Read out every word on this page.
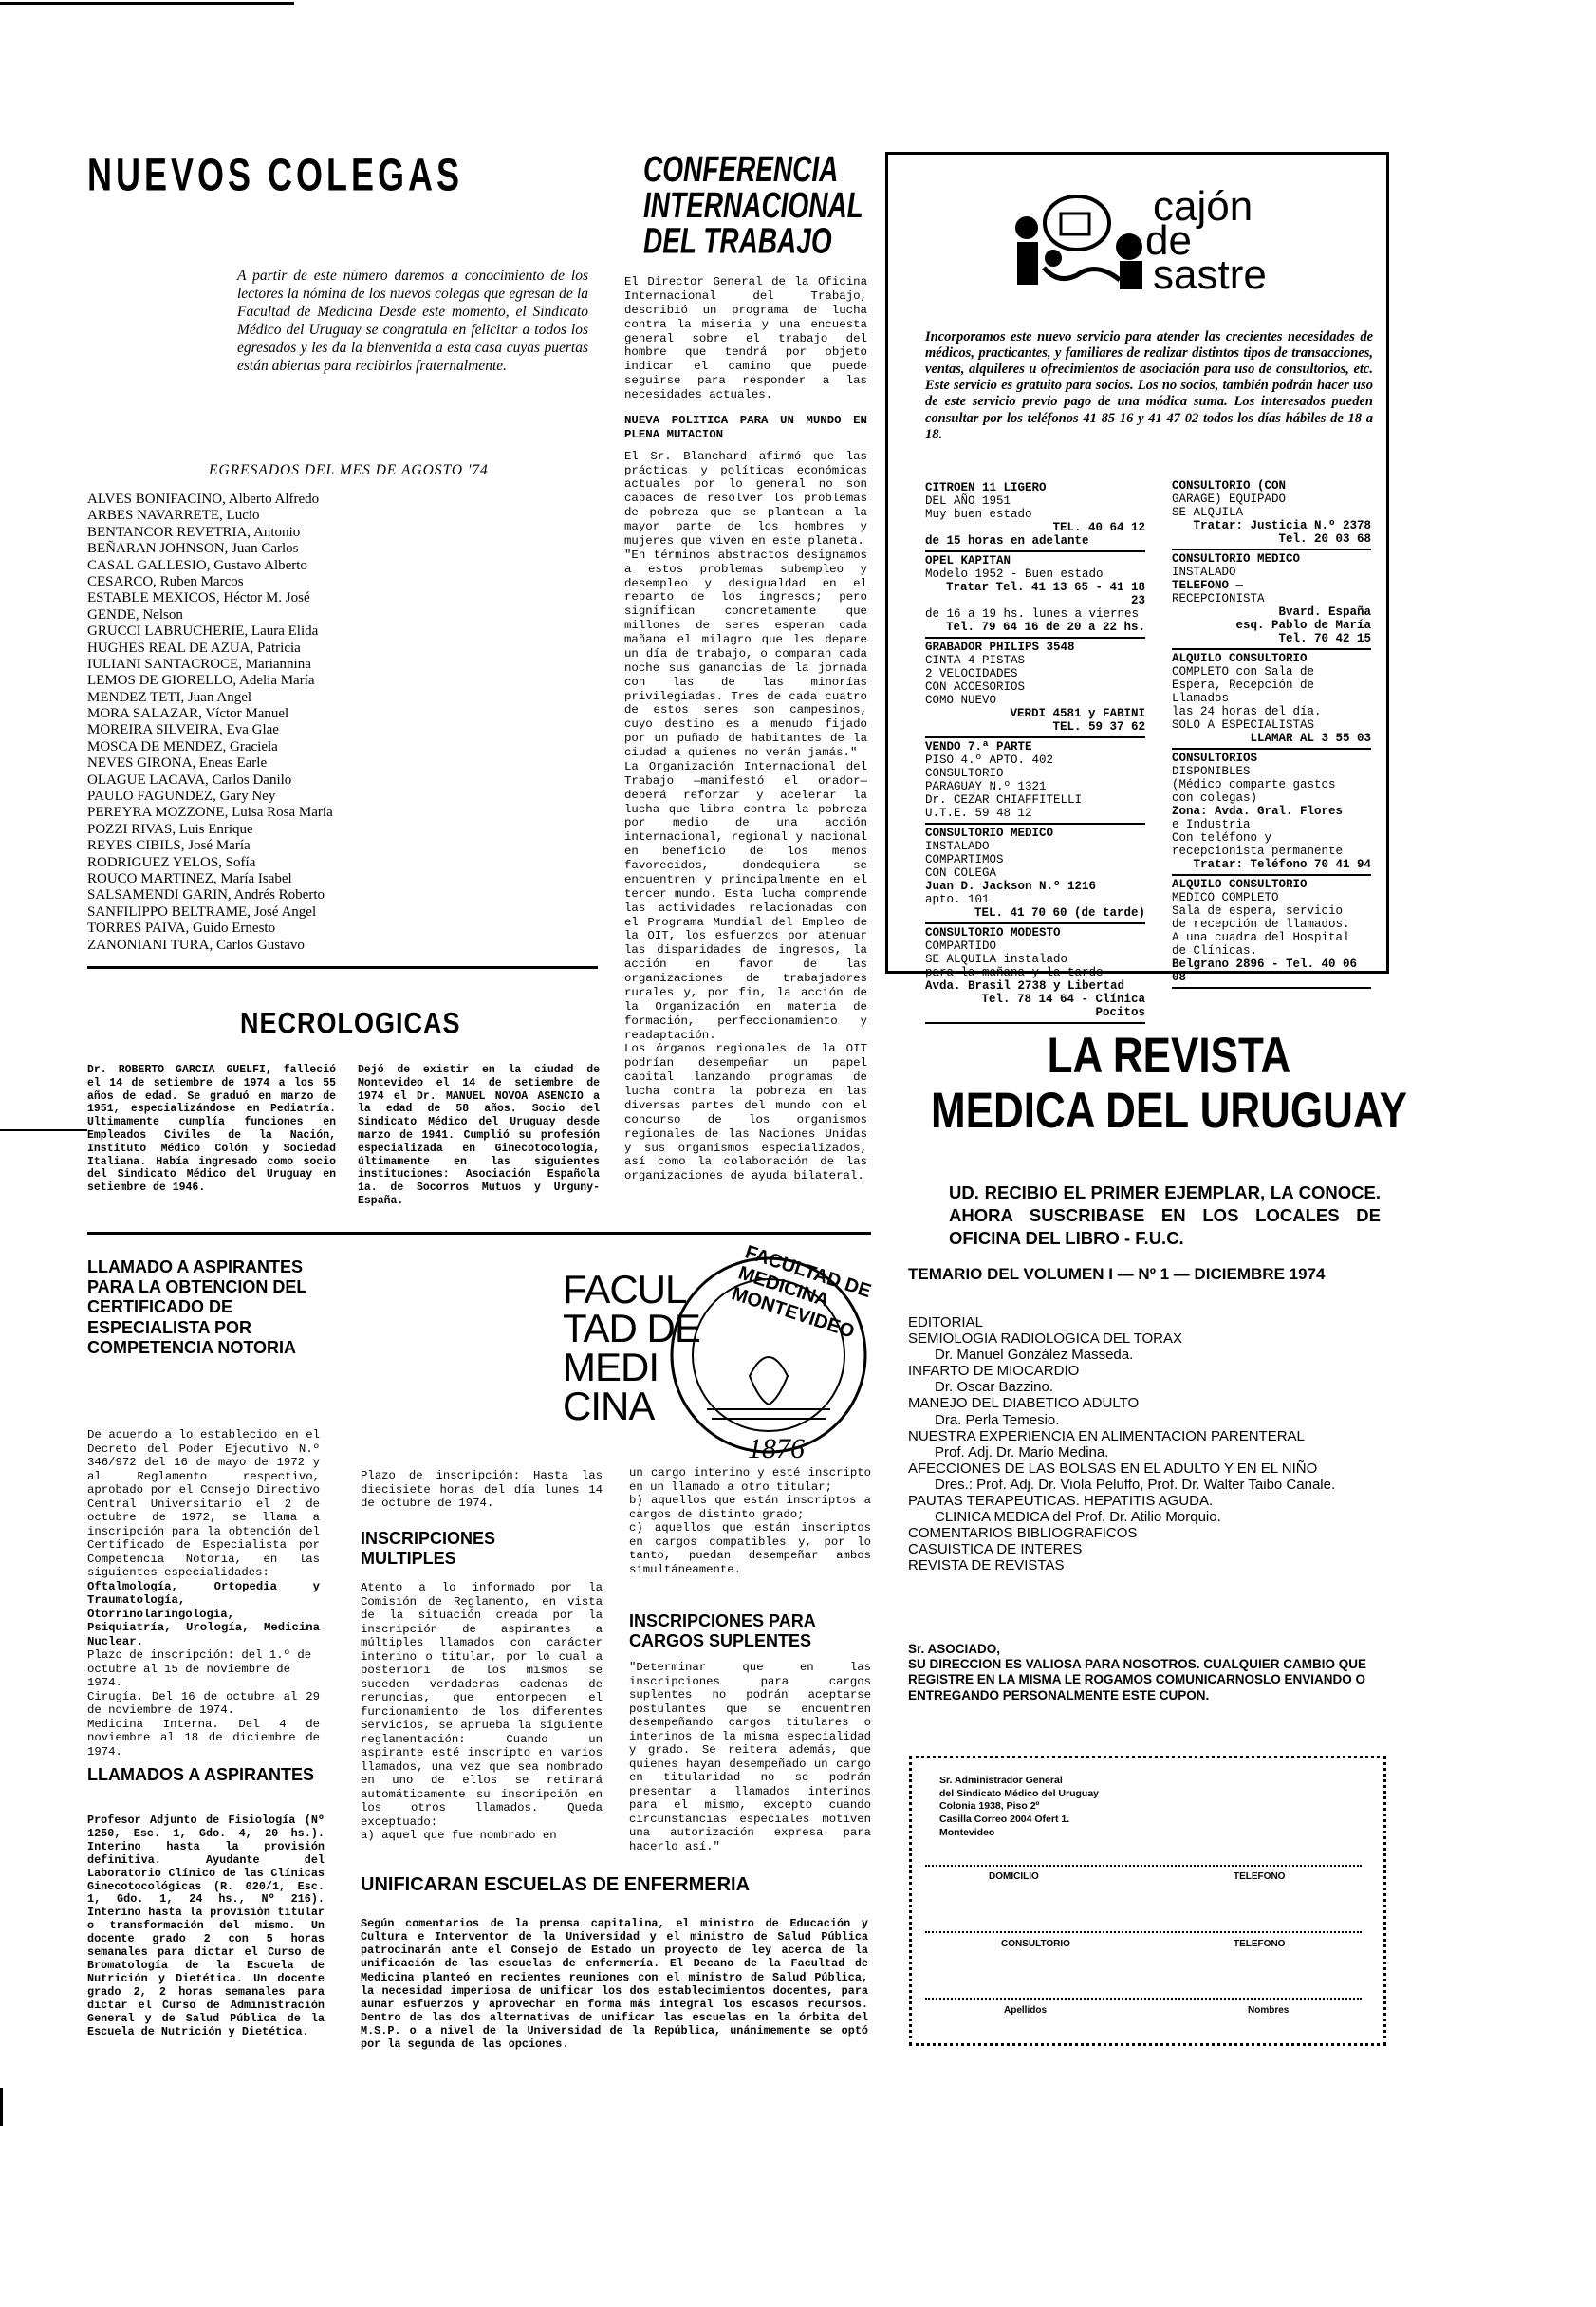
NUEVOS COLEGAS
A partir de este número daremos a conocimiento de los lectores la nómina de los nuevos colegas que egresan de la Facultad de Medicina Desde este momento, el Sindicato Médico del Uruguay se congratula en felicitar a todos los egresados y les da la bienvenida a esta casa cuyas puertas están abiertas para recibirlos fraternalmente.
EGRESADOS DEL MES DE AGOSTO '74
ALVES BONIFACINO, Alberto Alfredo
ARBES NAVARRETE, Lucio
BENTANCOR REVETRIA, Antonio
BEÑARAN JOHNSON, Juan Carlos
CASAL GALLESIO, Gustavo Alberto
CESARCO, Ruben Marcos
ESTABLE MEXICOS, Héctor M. José
GENDE, Nelson
GRUCCI LABRUCHERIE, Laura Elida
HUGHES REAL DE AZUA, Patricia
IULIANI SANTACROCE, Mariannina
LEMOS DE GIORELLO, Adelia María
MENDEZ TETI, Juan Angel
MORA SALAZAR, Víctor Manuel
MOREIRA SILVEIRA, Eva Glae
MOSCA DE MENDEZ, Graciela
NEVES GIRONA, Eneas Earle
OLAGUE LACAVA, Carlos Danilo
PAULO FAGUNDEZ, Gary Ney
PEREYRA MOZZONE, Luisa Rosa María
POZZI RIVAS, Luis Enrique
REYES CIBILS, José María
RODRIGUEZ YELOS, Sofía
ROUCO MARTINEZ, María Isabel
SALSAMENDI GARIN, Andrés Roberto
SANFILIPPO BELTRAME, José Angel
TORRES PAIVA, Guido Ernesto
ZANONIANI TURA, Carlos Gustavo
NECROLOGICAS
Dr. ROBERTO GARCIA GUELFI, falleció el 14 de setiembre de 1974 a los 55 años de edad. Se graduó en marzo de 1951, especializándose en Pediatría. Ultimamente cumplía funciones en Empleados Civiles de la Nación, Instituto Médico Colón y Sociedad Italiana. Había ingresado como socio del Sindicato Médico del Uruguay en setiembre de 1946.
Dejó de existir en la ciudad de Montevideo el 14 de setiembre de 1974 el Dr. MANUEL NOVOA ASENCIO a la edad de 58 años. Socio del Sindicato Médico del Uruguay desde marzo de 1941. Cumplió su profesión especializada en Ginecotocología, últimamente en las siguientes instituciones: Asociación Española 1a. de Socorros Mutuos y Urguny-España.
CONFERENCIA
INTERNACIONAL
DEL TRABAJO
El Director General de la Oficina Internacional del Trabajo, describió un programa de lucha contra la miseria y una encuesta general sobre el trabajo del hombre que tendrá por objeto indicar el camino que puede seguirse para responder a las necesidades actuales.
NUEVA POLITICA PARA UN MUNDO EN PLENA MUTACION
El Sr. Blanchard afirmó que las prácticas y políticas económicas actuales por lo general no son capaces de resolver los problemas de pobreza que se plantean a la mayor parte de los hombres y mujeres que viven en este planeta.
"En términos abstractos designamos a estos problemas subempleo y desempleo y desigualdad en el reparto de los ingresos; pero significan concretamente que millones de seres esperan cada mañana el milagro que les depare un día de trabajo, o comparan cada noche sus ganancias de la jornada con las de las minorías privilegiadas. Tres de cada cuatro de estos seres son campesinos, cuyo destino es a menudo fijado por un puñado de habitantes de la ciudad a quienes no verán jamás."
La Organización Internacional del Trabajo —manifestó el orador— deberá reforzar y acelerar la lucha que libra contra la pobreza por medio de una acción internacional, regional y nacional en beneficio de los menos favorecidos, dondequiera se encuentren y principalmente en el tercer mundo. Esta lucha comprende las actividades relacionadas con el Programa Mundial del Empleo de la OIT, los esfuerzos por atenuar las disparidades de ingresos, la acción en favor de las organizaciones de trabajadores rurales y, por fin, la acción de la Organización en materia de formación, perfeccionamiento y readaptación.
Los órganos regionales de la OIT podrían desempeñar un papel capital lanzando programas de lucha contra la pobreza en las diversas partes del mundo con el concurso de los organismos regionales de las Naciones Unidas y sus organismos especializados, así como la colaboración de las organizaciones de ayuda bilateral.
cajón
de
sastre
Incorporamos este nuevo servicio para atender las crecientes necesidades de médicos, practicantes, y familiares de realizar distintos tipos de transacciones, ventas, alquileres u ofrecimientos de asociación para uso de consultorios, etc. Este servicio es gratuito para socios. Los no socios, también podrán hacer uso de este servicio previo pago de una módica suma. Los interesados pueden consultar por los teléfonos 41 85 16 y 41 47 02 todos los días hábiles de 18 a 18.
CITROEN 11 LIGERO
DEL AÑO 1951
Muy buen estado
TEL. 40 64 12
de 15 horas en adelante
OPEL KAPITAN
Modelo 1952 - Buen estado
Tratar Tel. 41 13 65 - 41 18 23
de 16 a 19 hs. lunes a viernes
Tel. 79 64 16 de 20 a 22 hs.
GRABADOR PHILIPS 3548
CINTA 4 PISTAS
2 VELOCIDADES
CON ACCESORIOS
COMO NUEVO
VERDI 4581 y FABINI
TEL. 59 37 62
VENDO 7.ª PARTE
PISO 4.º APTO. 402
CONSULTORIO
PARAGUAY N.º 1321
Dr. CEZAR CHIAFFITELLI
U.T.E. 59 48 12
CONSULTORIO MEDICO
INSTALADO
COMPARTIMOS
CON COLEGA
Juan D. Jackson N.º 1216
apto. 101
TEL. 41 70 60 (de tarde)
CONSULTORIO MODESTO
COMPARTIDO
SE ALQUILA instalado
para la mañana y la tarde
Avda. Brasil 2738 y Libertad
Tel. 78 14 64 - Clínica Pocitos
CONSULTORIO (CON
GARAGE) EQUIPADO
SE ALQUILA
Tratar: Justicia N.º 2378
Tel. 20 03 68
CONSULTORIO MEDICO
INSTALADO
TELEFONO —
RECEPCIONISTA
Bvard. España
esq. Pablo de María
Tel. 70 42 15
ALQUILO CONSULTORIO
COMPLETO con Sala de Espera, Recepción de Llamados
las 24 horas del día.
SOLO A ESPECIALISTAS
LLAMAR AL 3 55 03
CONSULTORIOS
DISPONIBLES
(Médico comparte gastos
con colegas)
Zona: Avda. Gral. Flores
e Industria
Con teléfono y
recepcionista permanente
Tratar: Teléfono 70 41 94
ALQUILO CONSULTORIO
MEDICO COMPLETO
Sala de espera, servicio
de recepción de llamados.
A una cuadra del Hospital de Clínicas.
Belgrano 2896 - Tel. 40 06 08
LA REVISTA
MEDICA DEL URUGUAY
UD. RECIBIO EL PRIMER EJEMPLAR, LA CONOCE. AHORA SUSCRIBASE EN LOS LOCALES DE OFICINA DEL LIBRO - F.U.C.
TEMARIO DEL VOLUMEN I — Nº 1 — DICIEMBRE 1974
EDITORIAL
SEMIOLOGIA RADIOLOGICA DEL TORAX
Dr. Manuel González Masseda.
INFARTO DE MIOCARDIO
Dr. Oscar Bazzino.
MANEJO DEL DIABETICO ADULTO
Dra. Perla Temesio.
NUESTRA EXPERIENCIA EN ALIMENTACION PARENTERAL
Prof. Adj. Dr. Mario Medina.
AFECCIONES DE LAS BOLSAS EN EL ADULTO Y EN EL NIÑO
Dres.: Prof. Adj. Dr. Viola Peluffo, Prof. Dr. Walter Taibo Canale.
PAUTAS TERAPEUTICAS. HEPATITIS AGUDA.
CLINICA MEDICA del Prof. Dr. Atilio Morquio.
COMENTARIOS BIBLIOGRAFICOS
CASUISTICA DE INTERES
REVISTA DE REVISTAS
Sr. ASOCIADO,
SU DIRECCION ES VALIOSA PARA NOSOTROS. CUALQUIER CAMBIO QUE REGISTRE EN LA MISMA LE ROGAMOS COMUNICARNOSLO ENVIANDO O ENTREGANDO PERSONALMENTE ESTE CUPON.
Sr. Administrador General
del Sindicato Médico del Uruguay
Colonia 1938, Piso 2º
Casilla Correo 2004 Ofert 1.
Montevideo
DOMICILIO	TELEFONO
CONSULTORIO	TELEFONO
Apellidos	Nombres
LLAMADO A ASPIRANTES PARA LA OBTENCION DEL CERTIFICADO DE ESPECIALISTA POR COMPETENCIA NOTORIA
De acuerdo a lo establecido en el Decreto del Poder Ejecutivo N.º 346/972 del 16 de mayo de 1972 y al Reglamento respectivo, aprobado por el Consejo Directivo Central Universitario el 2 de octubre de 1972, se llama a inscripción para la obtención del Certificado de Especialista por Competencia Notoria, en las siguientes especialidades:
Oftalmología, Ortopedia y Traumatología, Otorrinolaringología, Psiquiatría, Urología, Medicina Nuclear.
Plazo de inscripción: del 1.º de octubre al 15 de noviembre de 1974.
Cirugía. Del 16 de octubre al 29 de noviembre de 1974.
Medicina Interna. Del 4 de noviembre al 18 de diciembre de 1974.
FACUL
TAD DE
MEDI
CINA
FACULTAD DE MEDICINA MONTEVIDEO
1876
Plazo de inscripción: Hasta las diecisiete horas del día lunes 14 de octubre de 1974.
INSCRIPCIONES MULTIPLES
Atento a lo informado por la Comisión de Reglamento, en vista de la situación creada por la inscripción de aspirantes a múltiples llamados con carácter interino o titular, por lo cual a posteriori de los mismos se suceden verdaderas cadenas de renuncias, que entorpecen el funcionamiento de los diferentes Servicios, se aprueba la siguiente reglamentación: Cuando un aspirante esté inscripto en varios llamados, una vez que sea nombrado en uno de ellos se retirará automáticamente su inscripción en los otros llamados. Queda exceptuado:
a) aquel que fue nombrado en
un cargo interino y esté inscripto en un llamado a otro titular;
b) aquellos que están inscriptos a cargos de distinto grado;
c) aquellos que están inscriptos en cargos compatibles y, por lo tanto, puedan desempeñar ambos simultáneamente.
INSCRIPCIONES PARA CARGOS SUPLENTES
"Determinar que en las inscripciones para cargos suplentes no podrán aceptarse postulantes que se encuentren desempeñando cargos titulares o interinos de la misma especialidad y grado. Se reitera además, que quienes hayan desempeñado un cargo en titularidad no se podrán presentar a llamados interinos para el mismo, excepto cuando circunstancias especiales motiven una autorización expresa para hacerlo así."
LLAMADOS A ASPIRANTES
Profesor Adjunto de Fisiología (Nº 1250, Esc. 1, Gdo. 4, 20 hs.). Interino hasta la provisión definitiva. Ayudante del Laboratorio Clínico de las Clínicas Ginecotocológicas (R. 020/1, Esc. 1, Gdo. 1, 24 hs., Nº 216). Interino hasta la provisión titular o transformación del mismo. Un docente grado 2 con 5 horas semanales para dictar el Curso de Bromatología de la Escuela de Nutrición y Dietética. Un docente grado 2, 2 horas semanales para dictar el Curso de Administración General y de Salud Pública de la Escuela de Nutrición y Dietética.
UNIFICARAN ESCUELAS DE ENFERMERIA
Según comentarios de la prensa capitalina, el ministro de Educación y Cultura e Interventor de la Universidad y el ministro de Salud Pública patrocinarán ante el Consejo de Estado un proyecto de ley acerca de la unificación de las escuelas de enfermería. El Decano de la Facultad de Medicina planteó en recientes reuniones con el ministro de Salud Pública, la necesidad imperiosa de unificar los dos establecimientos docentes, para aunar esfuerzos y aprovechar en forma más integral los escasos recursos. Dentro de las dos alternativas de unificar las escuelas en la órbita del M.S.P. o a nivel de la Universidad de la República, unánimemente se optó por la segunda de las opciones.
